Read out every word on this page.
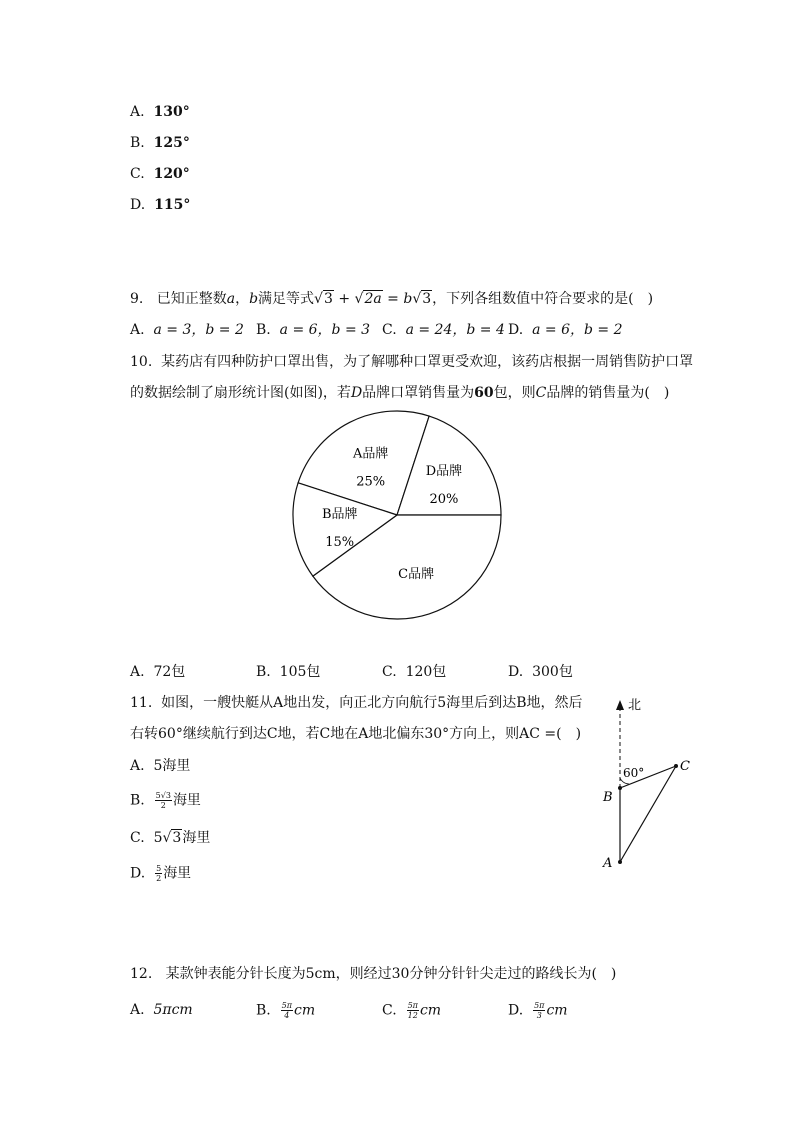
A. 130°
B. 125°
C. 120°
D. 115°
9. 已知正整数a，b满足等式√3 + √2a = b√3，下列各组数值中符合要求的是(　)
A. a = 3，b = 2 B. a = 6，b = 3 C. a = 24，b = 4 D. a = 6，b = 2
10. 某药店有四种防护口罩出售，为了解哪种口罩更受欢迎，该药店根据一周销售防护口罩
的数据绘制了扇形统计图(如图)，若D品牌口罩销售量为60包，则C品牌的销售量为(　)
A品牌
25%
D品牌
20%
C品牌
B品牌
15%
A. 72包	B. 105包	C. 120包	D. 300包
11. 如图，一艘快艇从A地出发，向正北方向航行5海里后到达B地，然后
右转60°继续航行到达C地，若C地在A地北偏东30°方向上，则AC =(　)
A. 5海里
B. $\frac{5√3}{2}$ 海里
C. 5√3海里
D. $\frac{5}{2}$ 海里
北
60°
A
B
C
12. 某款钟表能分针长度为5cm，则经过30分钟分针针尖走过的路线长为(　)
A. 5πcm	B. $\frac{5\pi}{4}$ cm	C. $\frac{5\pi}{12}$ cm	D. $\frac{5\pi}{3}$ cm
